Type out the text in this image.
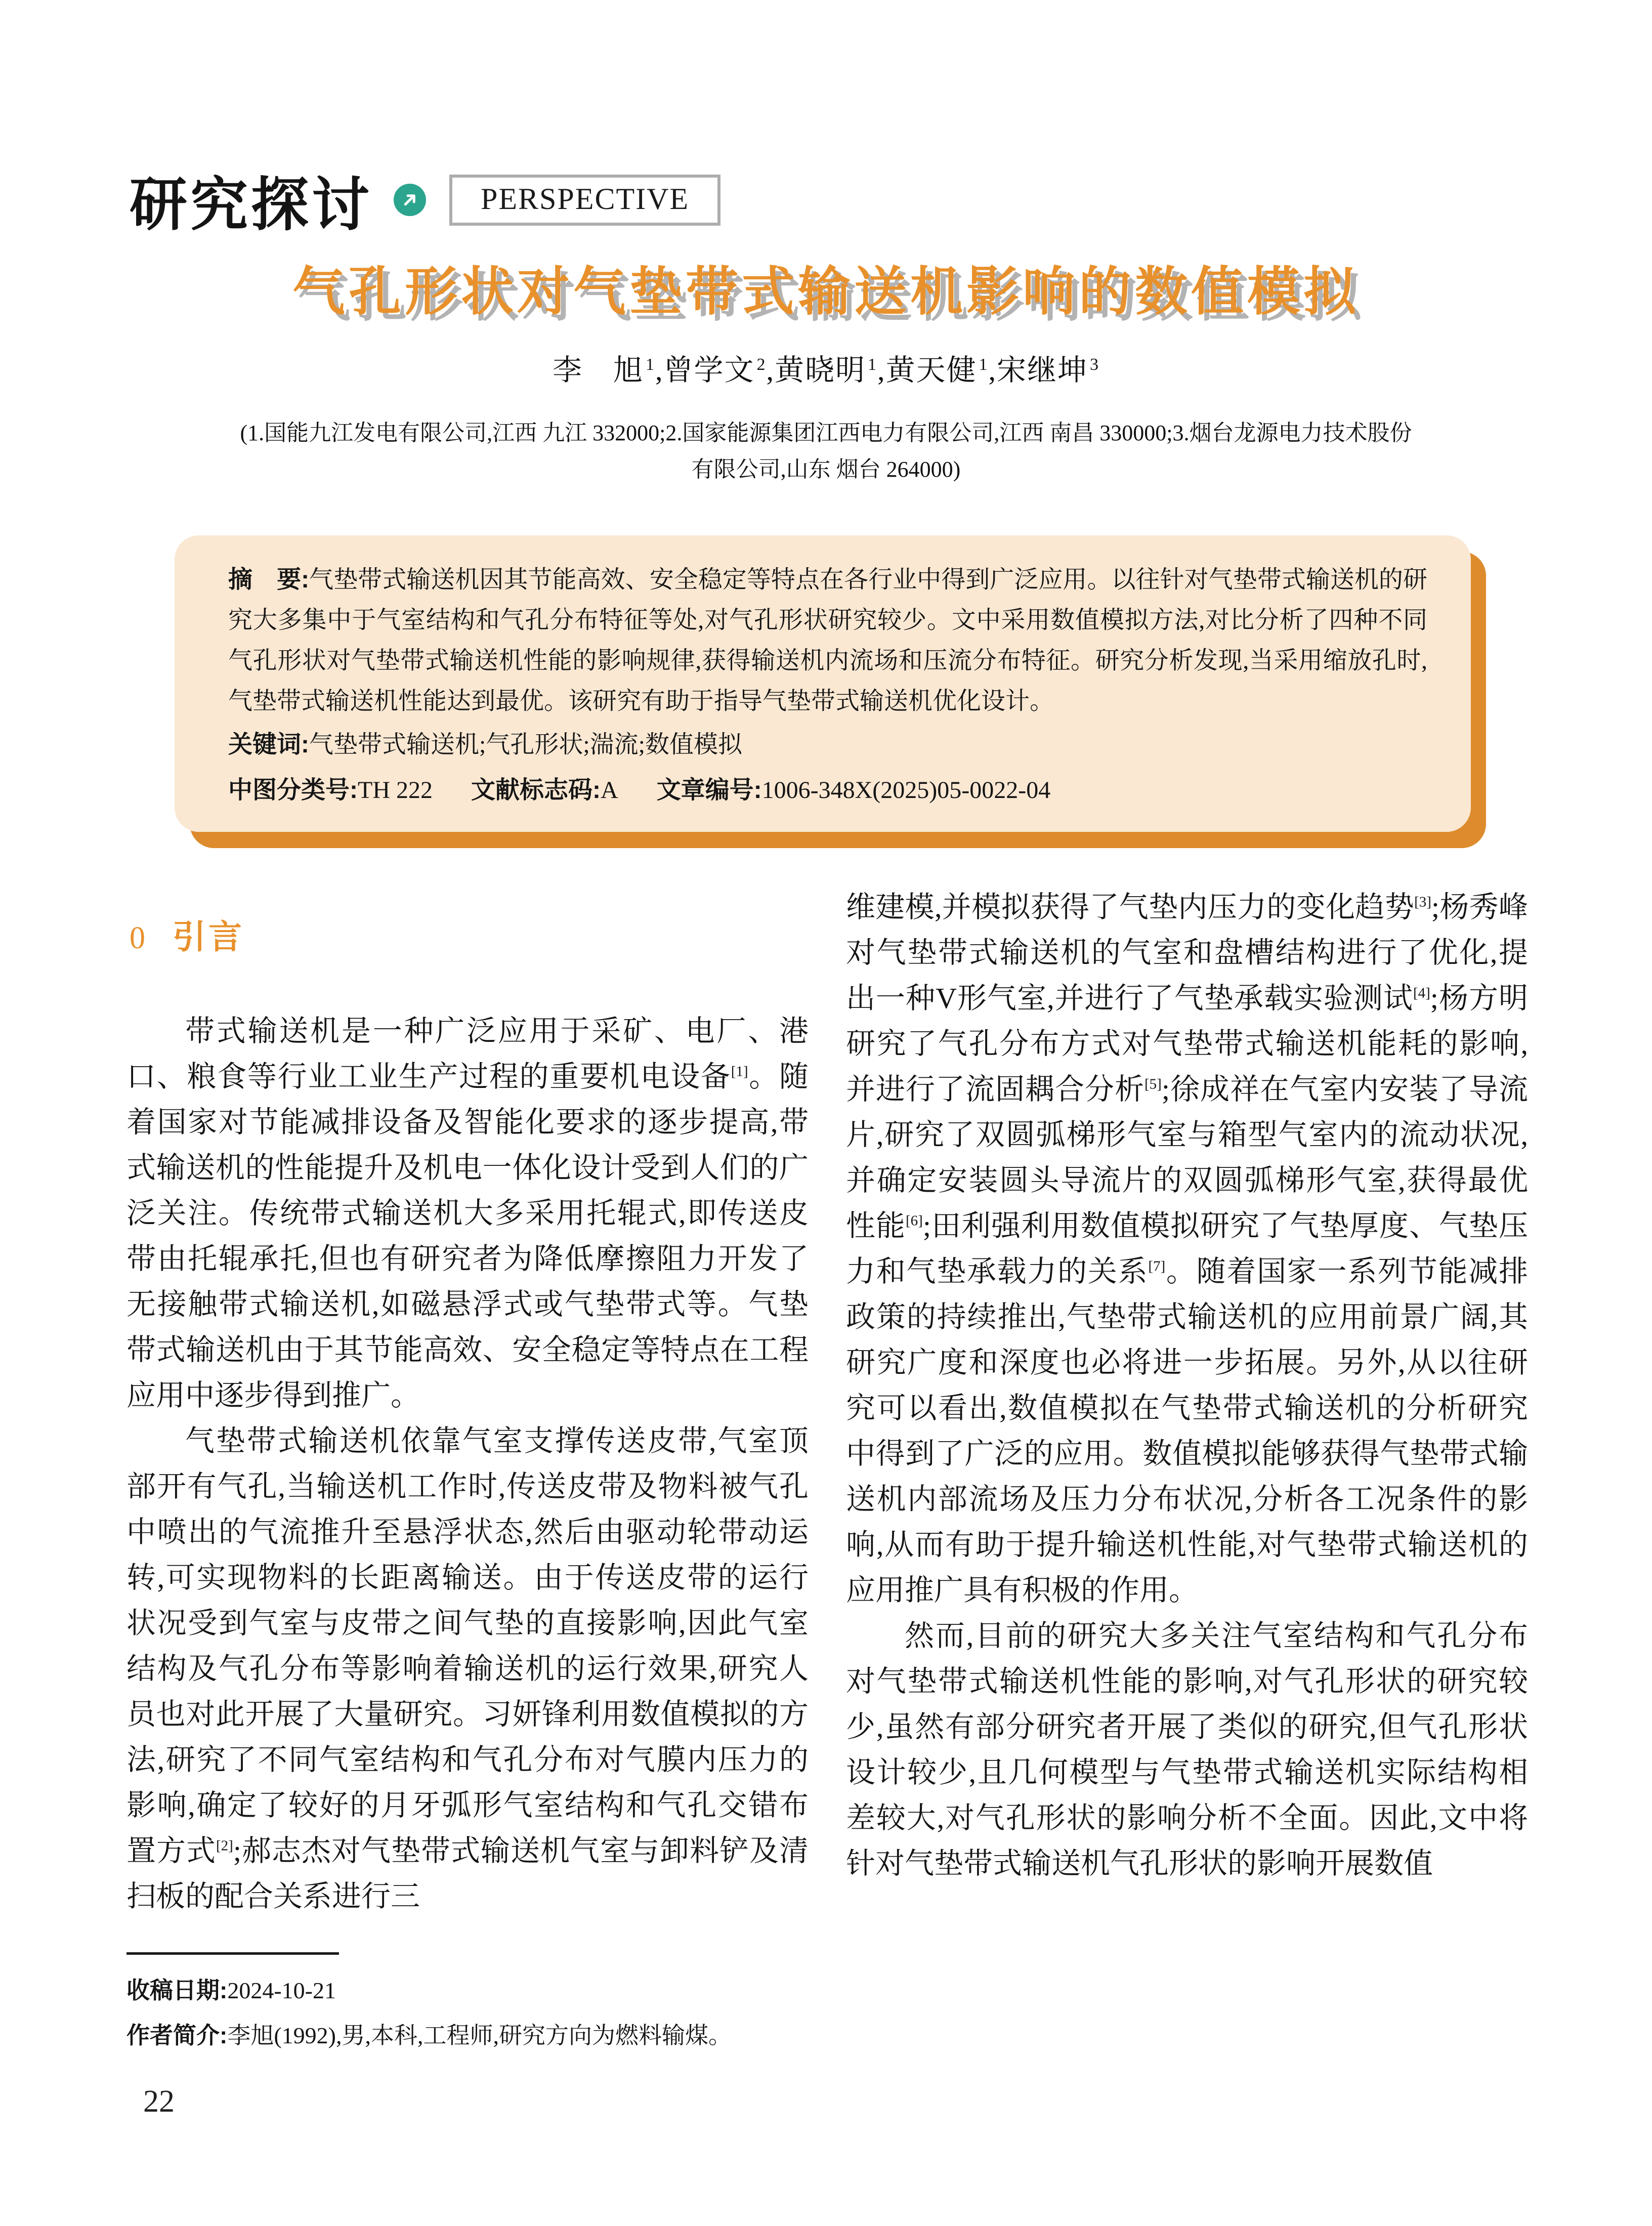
研究探讨	PERSPECTIVE
气孔形状对气垫带式输送机影响的数值模拟
李　旭 $^1$,曾学文 $^2$,黄晓明 $^1$,黄天健 $^1$,宋继坤 $^3$
(1.国能九江发电有限公司,江西 九江 332000;2.国家能源集团江西电力有限公司,江西 南昌 330000;3.烟台龙源电力技术股份
有限公司,山东 烟台 264000)

摘　要:气垫带式输送机因其节能高效、安全稳定等特点在各行业中得到广泛应用。以往针对气垫带式输送机的研究大多集中于气室结构和气孔分布特征等处,对气孔形状研究较少。文中采用数值模拟方法,对比分析了四种不同气孔形状对气垫带式输送机性能的影响规律,获得输送机内流场和压流分布特征。研究分析发现,当采用缩放孔时,气垫带式输送机性能达到最优。该研究有助于指导气垫带式输送机优化设计。

关键词:气垫带式输送机;气孔形状;湍流;数值模拟

中图分类号:TH 222 文献标志码:A 文章编号:1006-348X(2025)05-0022-04

0 引言

带式输送机是一种广泛应用于采矿、电厂、港口、粮食等行业工业生产过程的重要机电设备[1]。随着国家对节能减排设备及智能化要求的逐步提高,带式输送机的性能提升及机电一体化设计受到人们的广泛关注。传统带式输送机大多采用托辊式,即传送皮带由托辊承托,但也有研究者为降低摩擦阻力开发了无接触带式输送机,如磁悬浮式或气垫带式等。气垫带式输送机由于其节能高效、安全稳定等特点在工程应用中逐步得到推广。

气垫带式输送机依靠气室支撑传送皮带,气室顶部开有气孔,当输送机工作时,传送皮带及物料被气孔中喷出的气流推升至悬浮状态,然后由驱动轮带动运转,可实现物料的长距离输送。由于传送皮带的运行状况受到气室与皮带之间气垫的直接影响,因此气室结构及气孔分布等影响着输送机的运行效果,研究人员也对此开展了大量研究。习妍锋利用数值模拟的方法,研究了不同气室结构和气孔分布对气膜内压力的影响,确定了较好的月牙弧形气室结构和气孔交错布置方式[2];郝志杰对气垫带式输送机气室与卸料铲及清扫板的配合关系进行三

维建模,并模拟获得了气垫内压力的变化趋势[3];杨秀峰对气垫带式输送机的气室和盘槽结构进行了优化,提出一种V形气室,并进行了气垫承载实验测试[4];杨方明研究了气孔分布方式对气垫带式输送机能耗的影响,并进行了流固耦合分析[5];徐成祥在气室内安装了导流片,研究了双圆弧梯形气室与箱型气室内的流动状况,并确定安装圆头导流片的双圆弧梯形气室,获得最优性能[6];田利强利用数值模拟研究了气垫厚度、气垫压力和气垫承载力的关系[7]。随着国家一系列节能减排政策的持续推出,气垫带式输送机的应用前景广阔,其研究广度和深度也必将进一步拓展。另外,从以往研究可以看出,数值模拟在气垫带式输送机的分析研究中得到了广泛的应用。数值模拟能够获得气垫带式输送机内部流场及压力分布状况,分析各工况条件的影响,从而有助于提升输送机性能,对气垫带式输送机的应用推广具有积极的作用。

然而,目前的研究大多关注气室结构和气孔分布对气垫带式输送机性能的影响,对气孔形状的研究较少,虽然有部分研究者开展了类似的研究,但气孔形状设计较少,且几何模型与气垫带式输送机实际结构相差较大,对气孔形状的影响分析不全面。因此,文中将针对气垫带式输送机气孔形状的影响开展数值

收稿日期:2024-10-21

作者简介:李旭(1992),男,本科,工程师,研究方向为燃料输煤。

22
